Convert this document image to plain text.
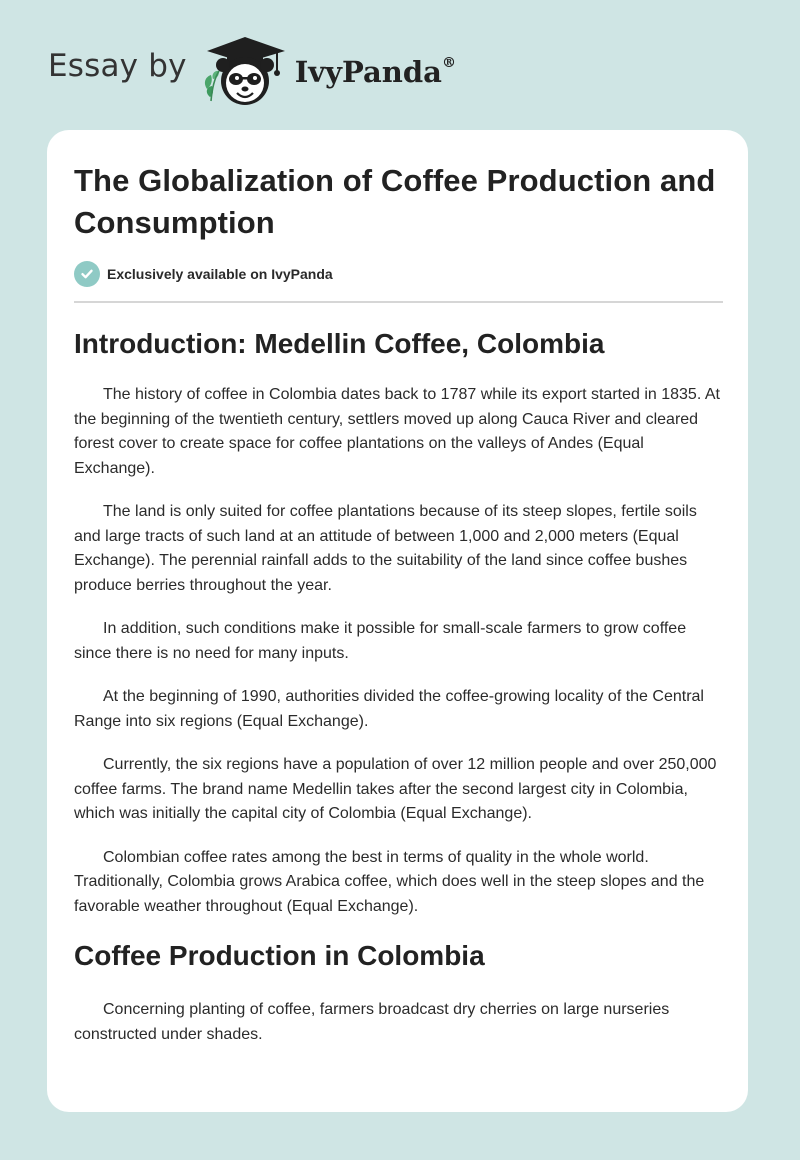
Essay by	IvyPanda®
The Globalization of Coffee Production and Consumption
Exclusively available on IvyPanda
Introduction: Medellin Coffee, Colombia

The history of coffee in Colombia dates back to 1787 while its export started in 1835. At the beginning of the twentieth century, settlers moved up along Cauca River and cleared forest cover to create space for coffee plantations on the valleys of Andes (Equal Exchange).

The land is only suited for coffee plantations because of its steep slopes, fertile soils and large tracts of such land at an attitude of between 1,000 and 2,000 meters (Equal Exchange). The perennial rainfall adds to the suitability of the land since coffee bushes produce berries throughout the year.

In addition, such conditions make it possible for small-scale farmers to grow coffee since there is no need for many inputs.

At the beginning of 1990, authorities divided the coffee-growing locality of the Central Range into six regions (Equal Exchange).

Currently, the six regions have a population of over 12 million people and over 250,000 coffee farms. The brand name Medellin takes after the second largest city in Colombia, which was initially the capital city of Colombia (Equal Exchange).

Colombian coffee rates among the best in terms of quality in the whole world. Traditionally, Colombia grows Arabica coffee, which does well in the steep slopes and the favorable weather throughout (Equal Exchange).

Coffee Production in Colombia

Concerning planting of coffee, farmers broadcast dry cherries on large nurseries constructed under shades.
